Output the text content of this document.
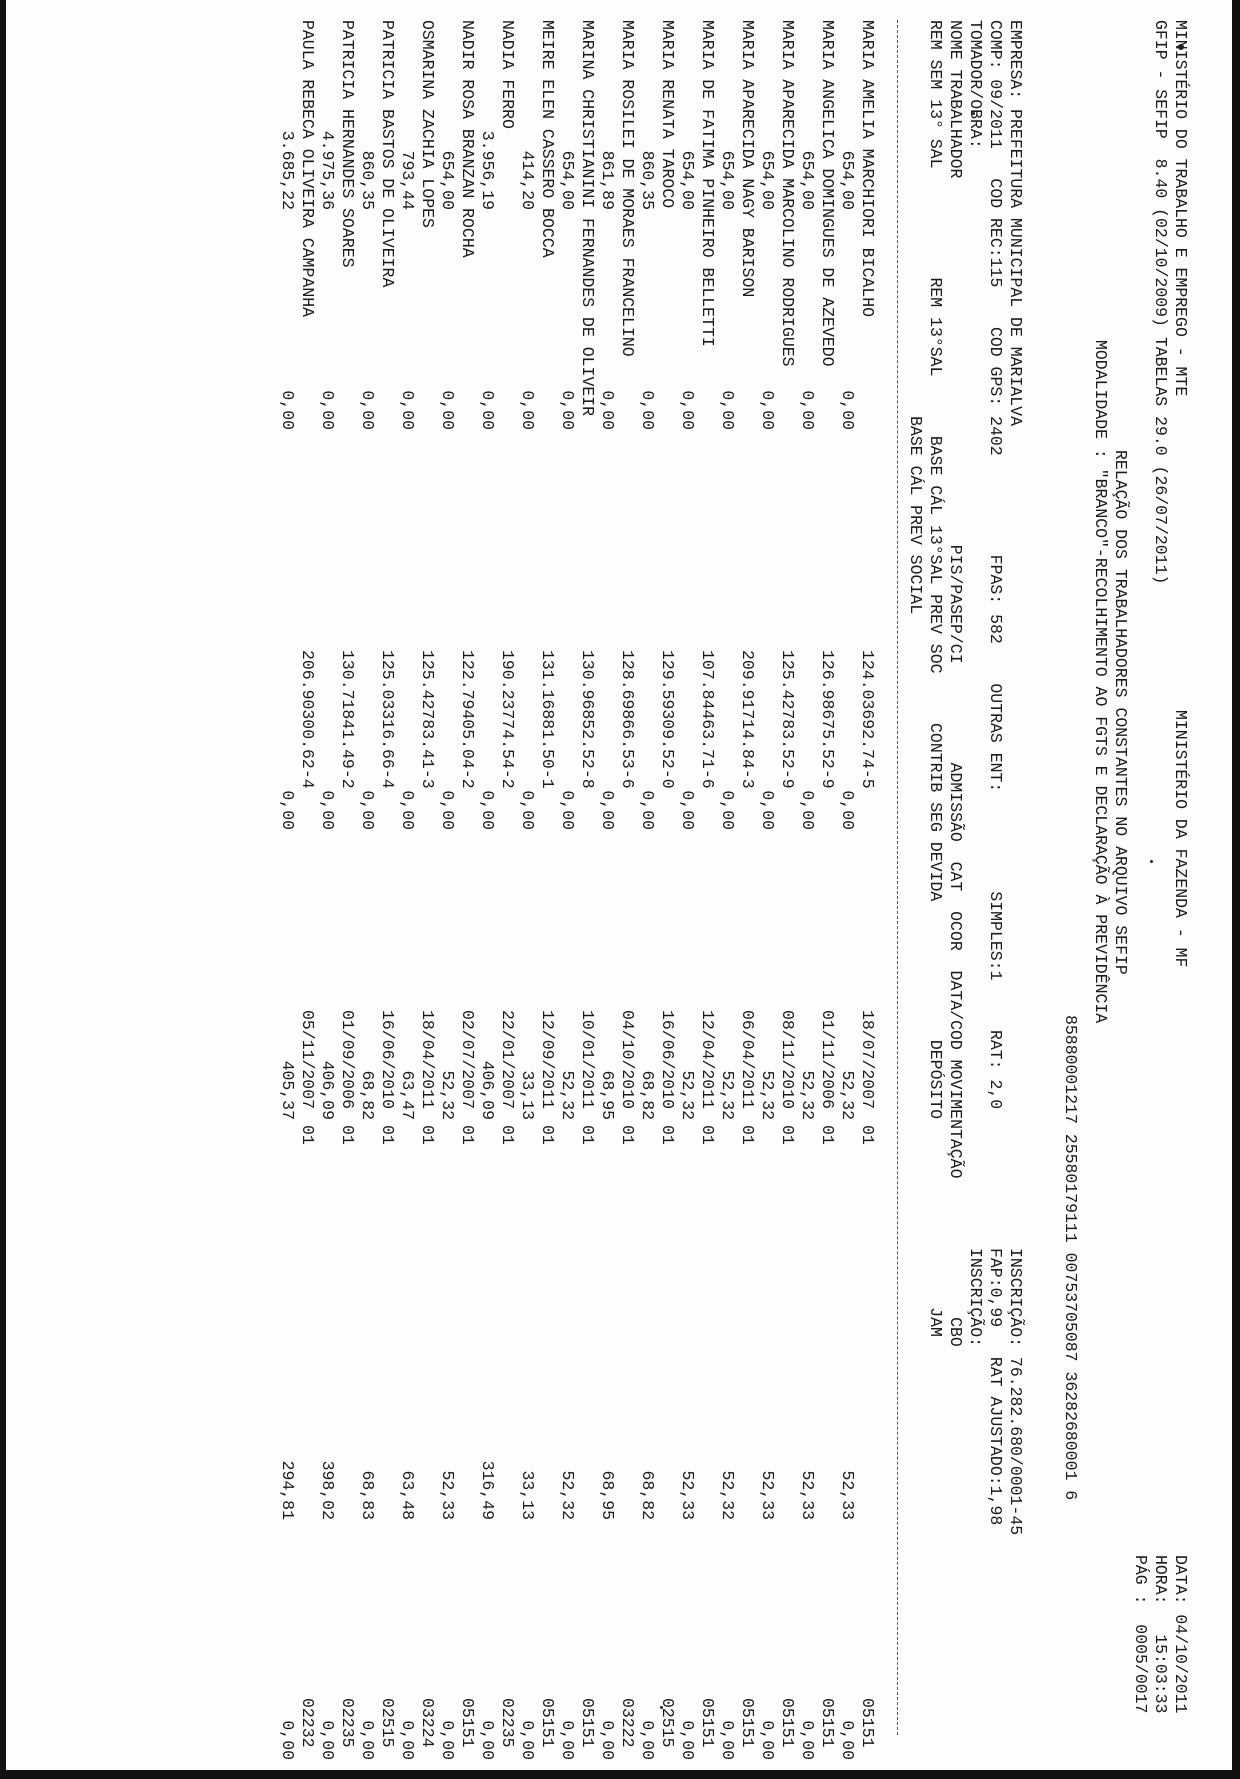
MINISTÉRIO DO TRABALHO E EMPREGO - MTE
MINISTÉRIO DA FAZENDA - MF
DATA: 04/10/2011
GFIP - SEFIP  8.40 (02/10/2009) TABELAS 29.0 (26/07/2011)
HORA:   15:03:33
PÁG :  0005/0017
RELAÇÃO DOS TRABALHADORES CONSTANTES NO ARQUIVO SEFIP
MODALIDADE : "BRANCO"-RECOLHIMENTO AO FGTS E DECLARAÇÃO À PREVIDÊNCIA
85880001217 25580179111 00753705087 36282680001 6
EMPRESA: PREFEITURA MUNICIPAL DE MARIALVA
INSCRIÇÃO: 76.282.680/0001-45
COMP: 09/2011   COD REC:115    COD GPS: 2402          FPAS: 582    OUTRAS ENT:          SIMPLES:1     RAT: 2,0
FAP:0,99   RAT AJUSTADO:1,98
TOMADOR/OBRA:
INSCRIÇÃO:
NOME TRABALHADOR                                     PIS/PASEP/CI          ADMISSÃO  CAT  OCOR  DATA/COD MOVIMENTAÇÃO              CBO
REM SEM 13° SAL           REM 13°SAL      BASE CÁL 13°SAL PREV SOC     CONTRIB SEG DEVIDA              DEPÓSITO                   JAM
BASE CÁL PREV SOCIAL

MARIA AMELIA MARCHIORI BICALHO

124.03692.74-5

18/07/2007

01

05151

654,00

0,00

0,00

52,32

52,33

0,00

MARIA ANGELICA DOMINGUES DE AZEVEDO

126.98675.52-9

01/11/2006

01

05151

654,00

0,00

0,00

52,32

52,33

0,00

MARIA APARECIDA MARCOLINO RODRIGUES

125.42783.52-9

08/11/2010

01

05151

654,00

0,00

0,00

52,32

52,33

0,00

MARIA APARECIDA NAGY BARISON

209.91714.84-3

06/04/2011

01

05151

654,00

0,00

0,00

52,32

52,32

0,00

MARIA DE FATIMA PINHEIRO BELLETTI

107.84463.71-6

12/04/2011

01

05151

654,00

0,00

0,00

52,32

52,33

0,00

MARIA RENATA TAROCO

129.59309.52-0

16/06/2010

01

02515

860,35

0,00

0,00

68,82

68,82

0,00

MARIA ROSILEI DE MORAES FRANCELINO

128.69866.53-6

04/10/2010

01

03222

861,89

0,00

0,00

68,95

68,95

0,00

MARINA CHRISTIANINI FERNANDES DE OLIVEIR

130.96852.52-8

10/01/2011

01

05151

654,00

0,00

0,00

52,32

52,32

0,00

MEIRE ELEN CASSERO BOCCA

131.16881.50-1

12/09/2011

01

05151

414,20

0,00

0,00

33,13

33,13

0,00

NADIA FERRO

190.23774.54-2

22/01/2007

01

02235

3.956,19

0,00

0,00

406,09

316,49

0,00

NADIR ROSA BRANZAN ROCHA

122.79405.04-2

02/07/2007

01

05151

654,00

0,00

0,00

52,32

52,33

0,00

OSMARINA ZACHIA LOPES

125.42783.41-3

18/04/2011

01

03224

793,44

0,00

0,00

63,47

63,48

0,00

PATRICIA BASTOS DE OLIVEIRA

125.03316.66-4

16/06/2010

01

02515

860,35

0,00

0,00

68,82

68,83

0,00

PATRICIA HERNANDES SOARES

130.71841.49-2

01/09/2006

01

02235

4.975,36

0,00

0,00

406,09

398,02

0,00

PAULA REBECA OLIVEIRA CAMPANHA

206.90300.62-4

05/11/2007

01

02232

3.685,22

0,00

0,00

405,37

294,81

0,00
